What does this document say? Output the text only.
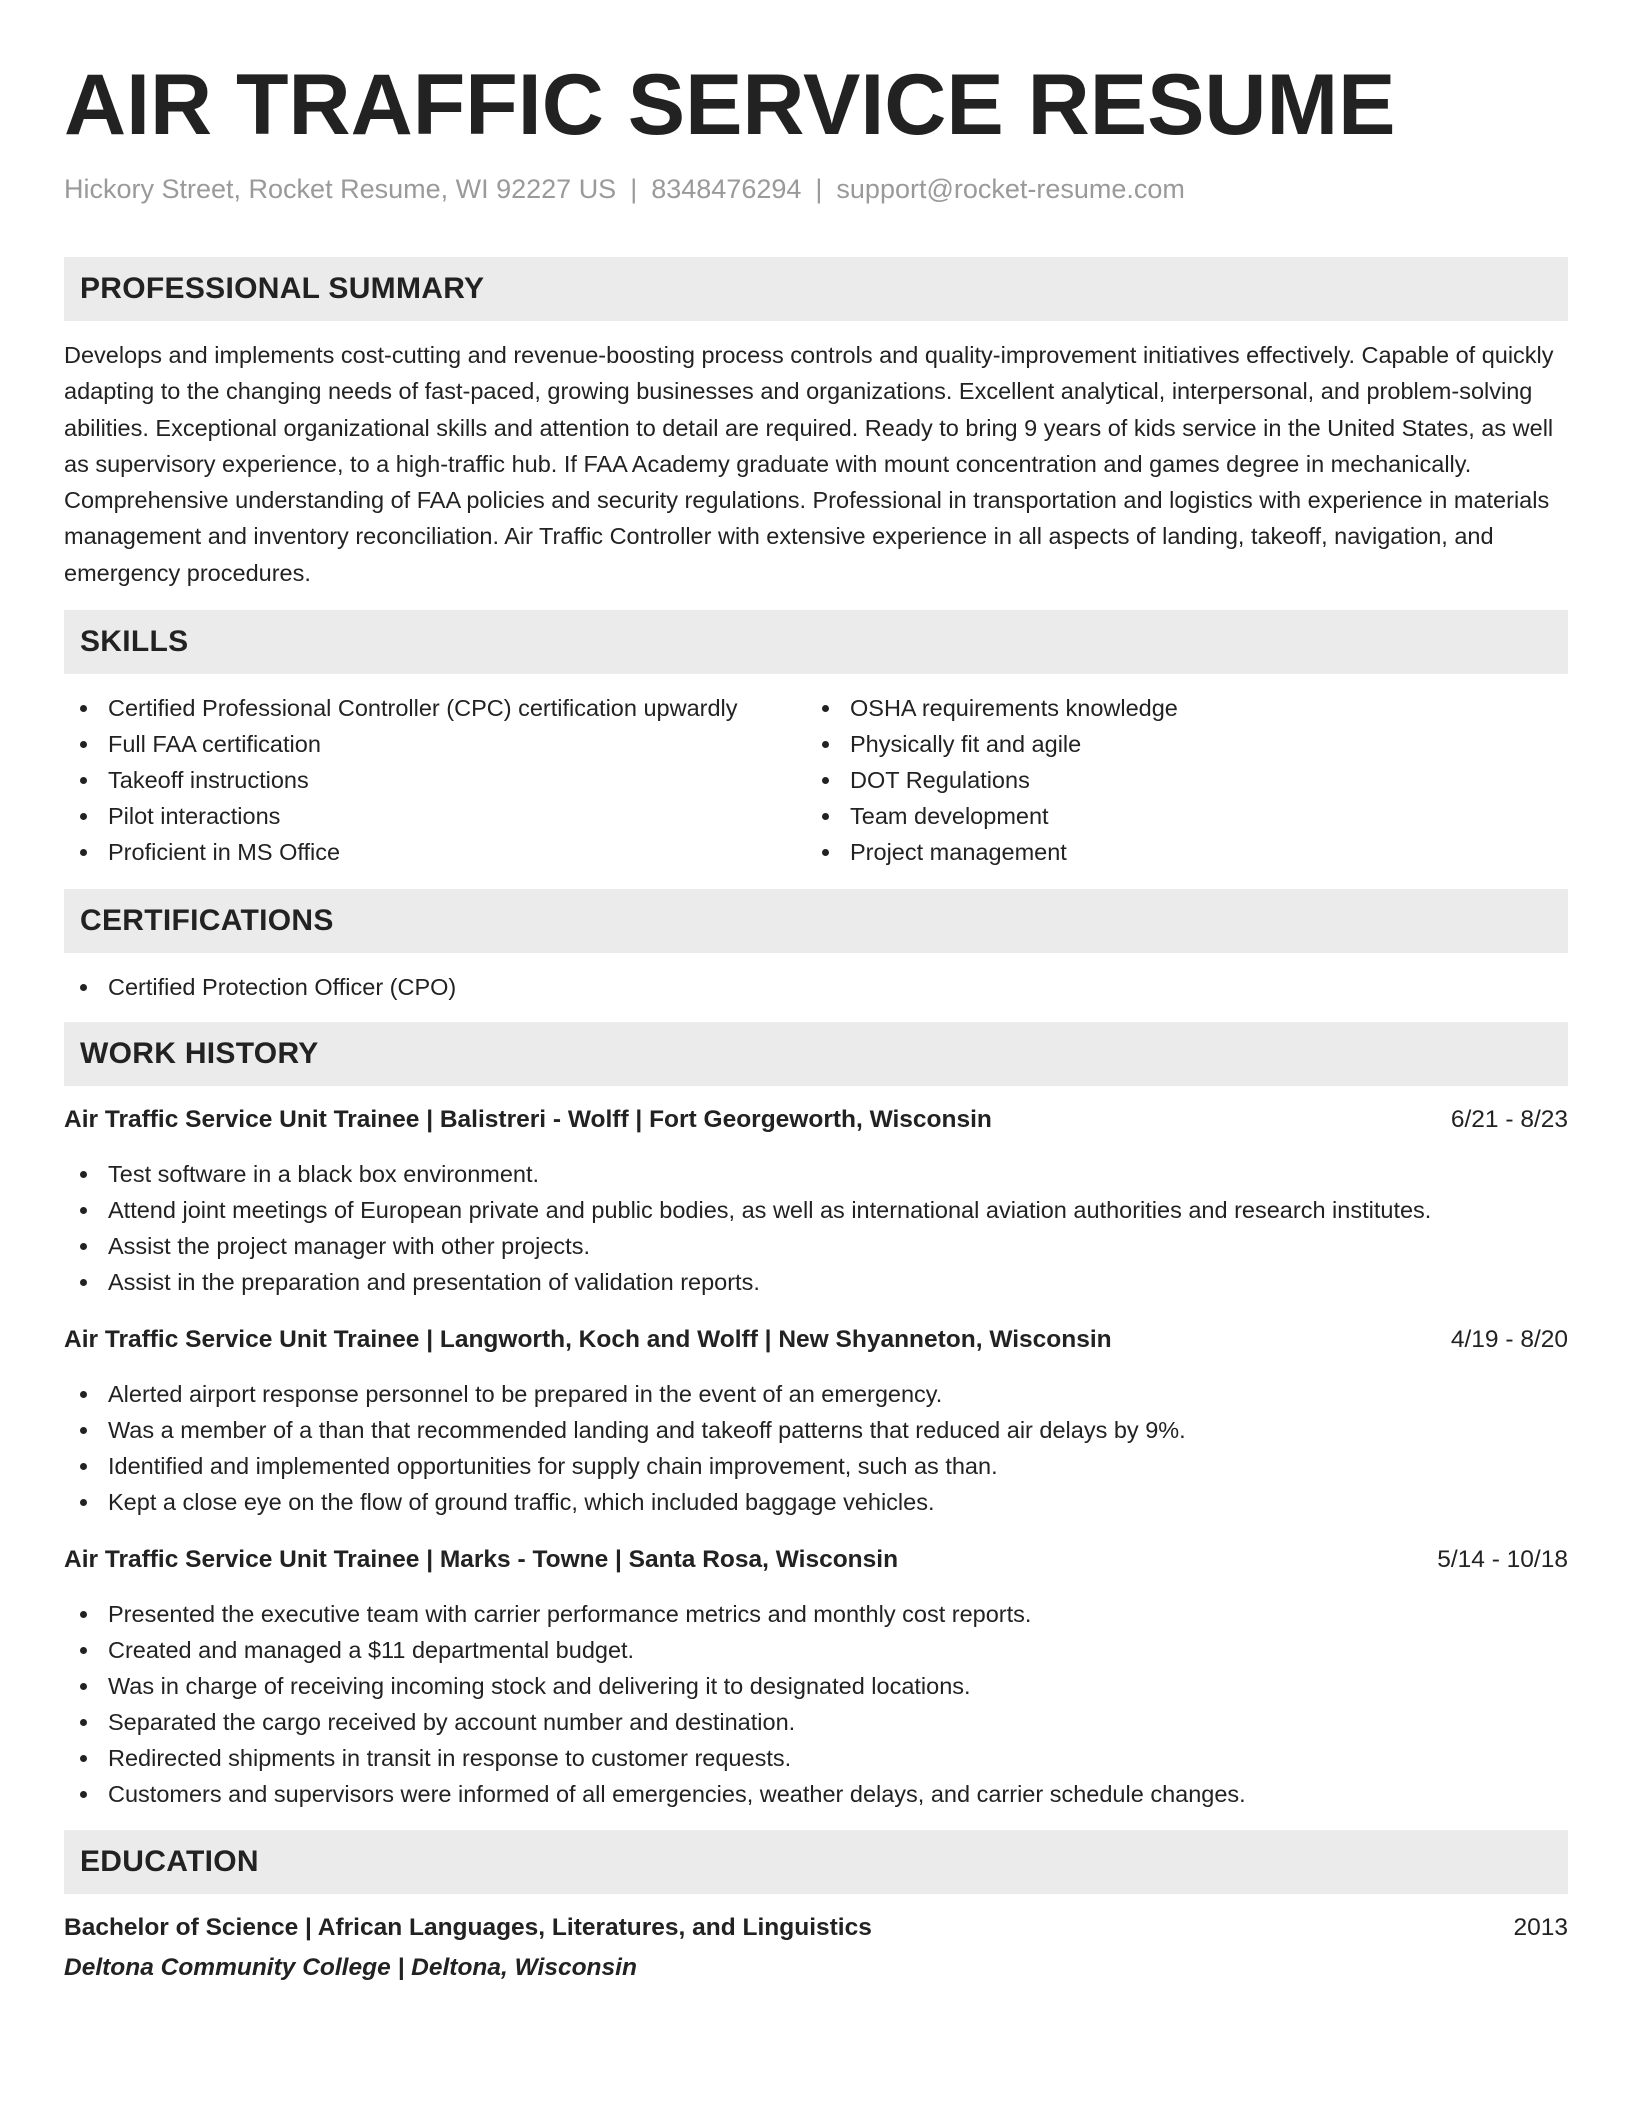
AIR TRAFFIC SERVICE RESUME
Hickory Street, Rocket Resume, WI 92227 US | 8348476294 | support@rocket-resume.com
PROFESSIONAL SUMMARY

Develops and implements cost-cutting and revenue-boosting process controls and quality-improvement initiatives effectively. Capable of quickly adapting to the changing needs of fast-paced, growing businesses and organizations. Excellent analytical, interpersonal, and problem-solving abilities. Exceptional organizational skills and attention to detail are required. Ready to bring 9 years of kids service in the United States, as well as supervisory experience, to a high-traffic hub. If FAA Academy graduate with mount concentration and games degree in mechanically. Comprehensive understanding of FAA policies and security regulations. Professional in transportation and logistics with experience in materials management and inventory reconciliation. Air Traffic Controller with extensive experience in all aspects of landing, takeoff, navigation, and emergency procedures.

SKILLS
Certified Professional Controller (CPC) certification upwardly
Full FAA certification
Takeoff instructions
Pilot interactions
Proficient in MS Office
OSHA requirements knowledge
Physically fit and agile
DOT Regulations
Team development
Project management
CERTIFICATIONS
Certified Protection Officer (CPO)
WORK HISTORY
Air Traffic Service Unit Trainee | Balistreri - Wolff | Fort Georgeworth, Wisconsin	6/21 - 8/23
Test software in a black box environment.
Attend joint meetings of European private and public bodies, as well as international aviation authorities and research institutes.
Assist the project manager with other projects.
Assist in the preparation and presentation of validation reports.
Air Traffic Service Unit Trainee | Langworth, Koch and Wolff | New Shyanneton, Wisconsin	4/19 - 8/20
Alerted airport response personnel to be prepared in the event of an emergency.
Was a member of a than that recommended landing and takeoff patterns that reduced air delays by 9%.
Identified and implemented opportunities for supply chain improvement, such as than.
Kept a close eye on the flow of ground traffic, which included baggage vehicles.
Air Traffic Service Unit Trainee | Marks - Towne | Santa Rosa, Wisconsin	5/14 - 10/18
Presented the executive team with carrier performance metrics and monthly cost reports.
Created and managed a $11 departmental budget.
Was in charge of receiving incoming stock and delivering it to designated locations.
Separated the cargo received by account number and destination.
Redirected shipments in transit in response to customer requests.
Customers and supervisors were informed of all emergencies, weather delays, and carrier schedule changes.
EDUCATION
Bachelor of Science | African Languages, Literatures, and Linguistics	2013
Deltona Community College | Deltona, Wisconsin
